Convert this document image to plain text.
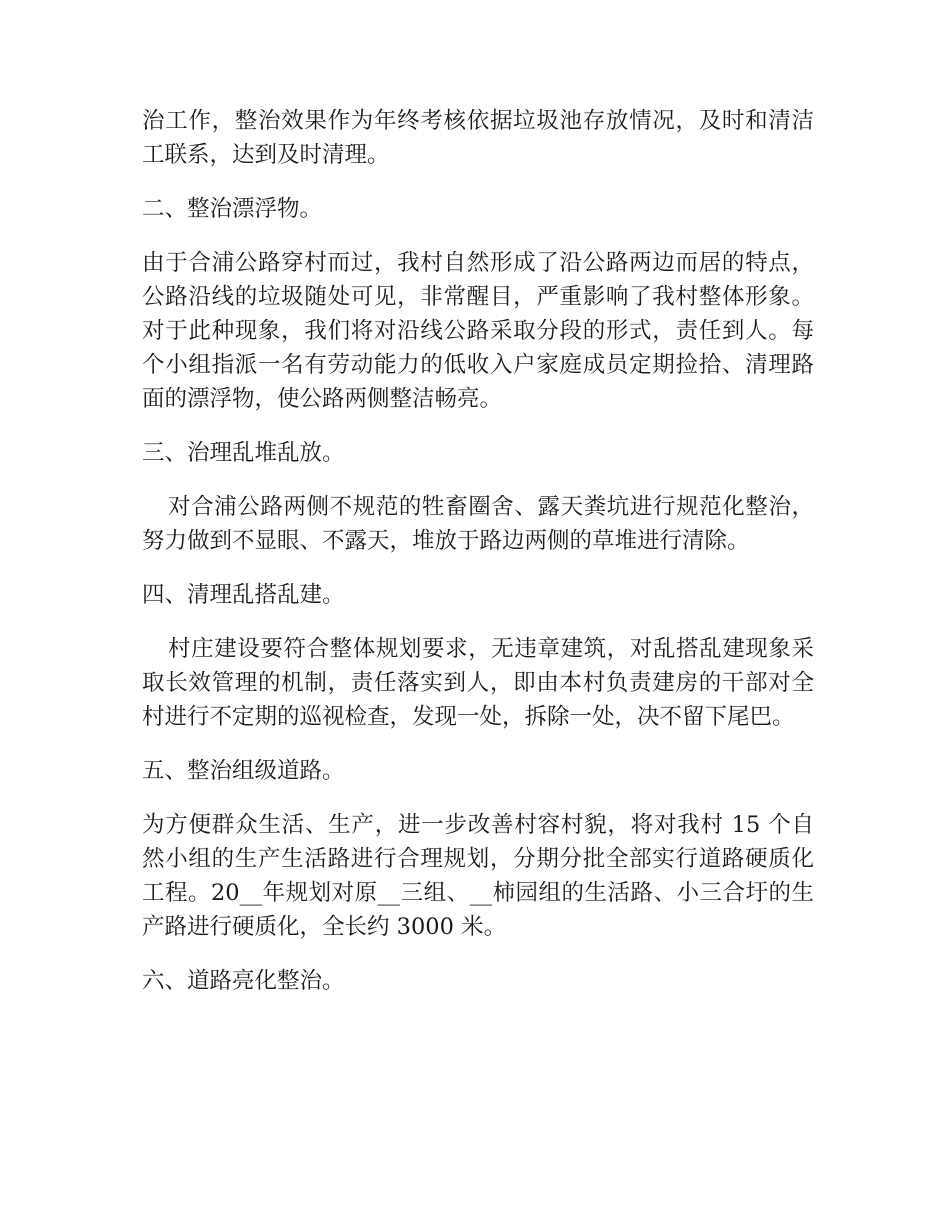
治工作，整治效果作为年终考核依据垃圾池存放情况，及时和清洁工联系，达到及时清理。

二、整治漂浮物。

由于合浦公路穿村而过，我村自然形成了沿公路两边而居的特点，公路沿线的垃圾随处可见，非常醒目，严重影响了我村整体形象。对于此种现象，我们将对沿线公路采取分段的形式，责任到人。每个小组指派一名有劳动能力的低收入户家庭成员定期捡拾、清理路面的漂浮物，使公路两侧整洁畅亮。

三、治理乱堆乱放。

对合浦公路两侧不规范的牲畜圈舍、露天粪坑进行规范化整治，努力做到不显眼、不露天，堆放于路边两侧的草堆进行清除。

四、清理乱搭乱建。

村庄建设要符合整体规划要求，无违章建筑，对乱搭乱建现象采取长效管理的机制，责任落实到人，即由本村负责建房的干部对全村进行不定期的巡视检查，发现一处，拆除一处，决不留下尾巴。

五、整治组级道路。

为方便群众生活、生产，进一步改善村容村貌，将对我村 15 个自然小组的生产生活路进行合理规划，分期分批全部实行道路硬质化工程。20__年规划对原__三组、__柿园组的生活路、小三合圩的生产路进行硬质化，全长约 3000 米。

六、道路亮化整治。
